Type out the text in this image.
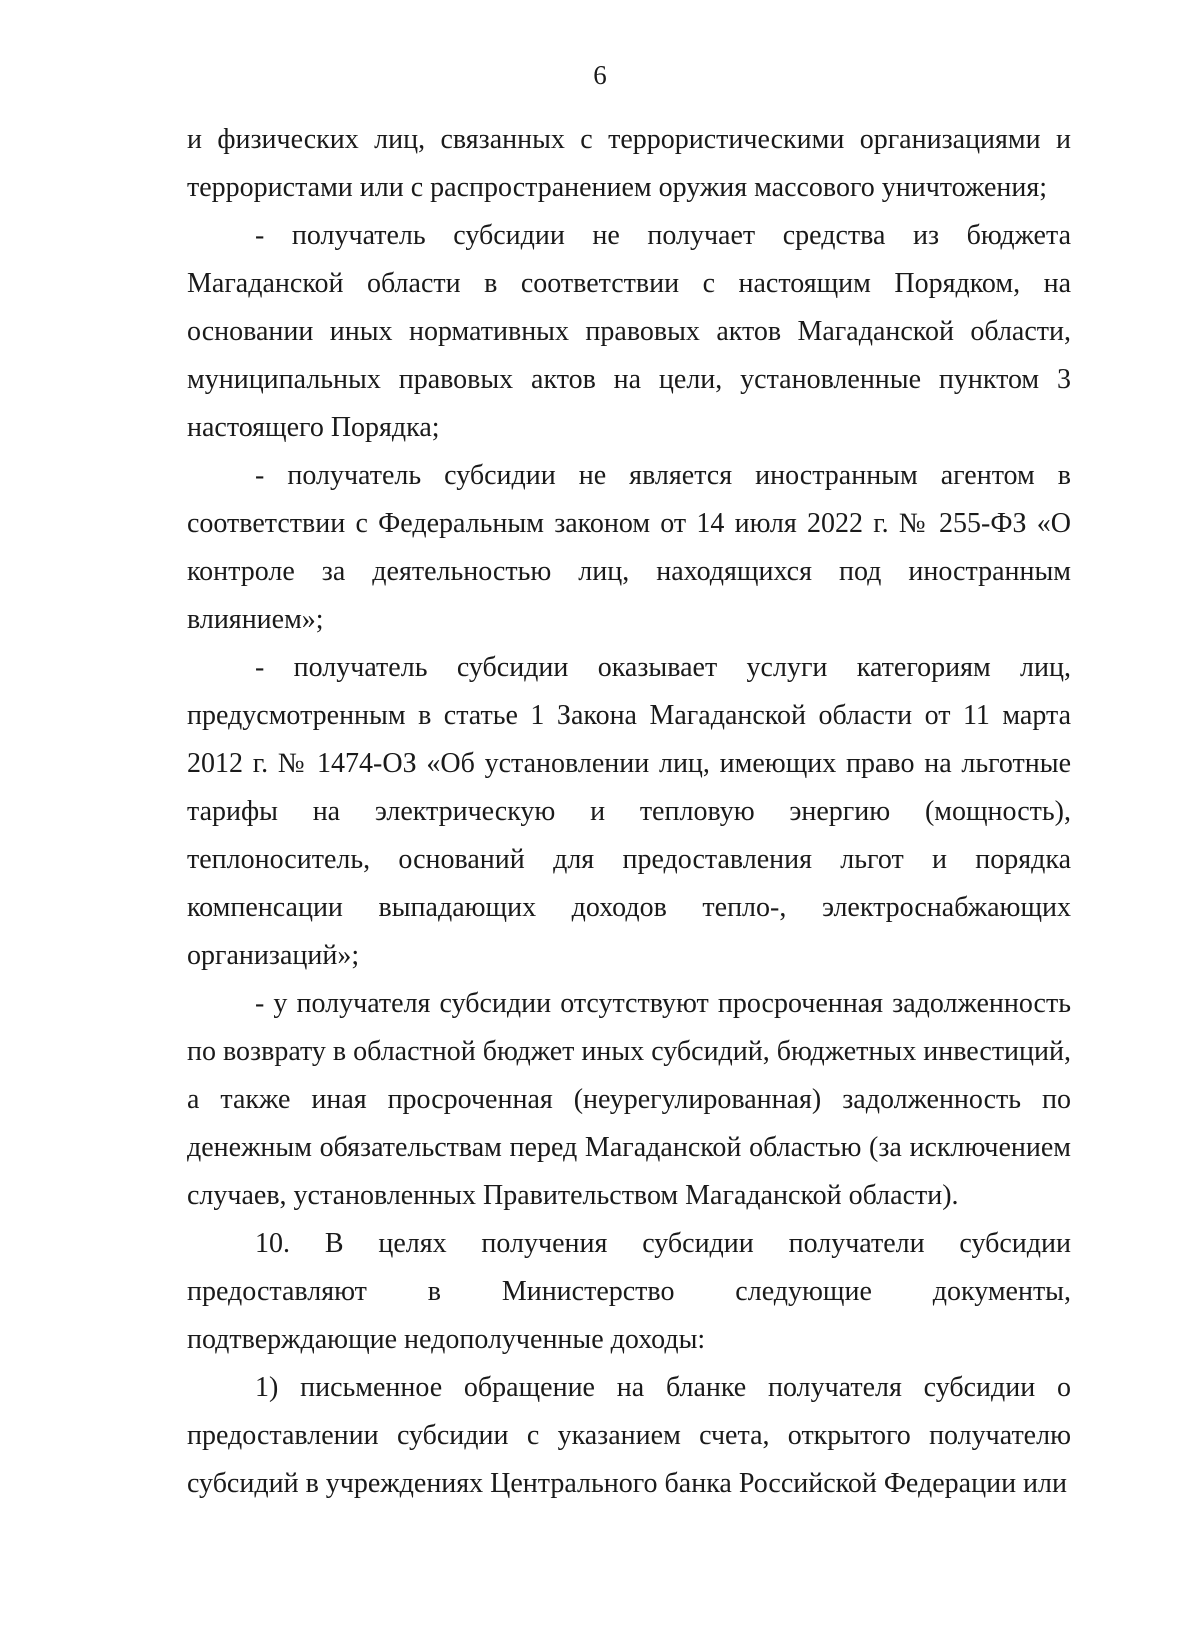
6

и физических лиц, связанных с террористическими организациями и террористами или с распространением оружия массового уничтожения;

- получатель субсидии не получает средства из бюджета Магаданской области в соответствии с настоящим Порядком, на основании иных нормативных правовых актов Магаданской области, муниципальных правовых актов на цели, установленные пунктом 3 настоящего Порядка;

- получатель субсидии не является иностранным агентом в соответствии с Федеральным законом от 14 июля 2022 г. № 255-ФЗ «О контроле за деятельностью лиц, находящихся под иностранным влиянием»;

- получатель субсидии оказывает услуги категориям лиц, предусмотренным в статье 1 Закона Магаданской области от 11 марта 2012 г. № 1474-ОЗ «Об установлении лиц, имеющих право на льготные тарифы на электрическую и тепловую энергию (мощность), теплоноситель, оснований для предоставления льгот и порядка компенсации выпадающих доходов тепло-, электроснабжающих организаций»;

- у получателя субсидии отсутствуют просроченная задолженность по возврату в областной бюджет иных субсидий, бюджетных инвестиций, а также иная просроченная (неурегулированная) задолженность по денежным обязательствам перед Магаданской областью (за исключением случаев, установленных Правительством Магаданской области).

10. В целях получения субсидии получатели субсидии предоставляют в Министерство следующие документы, подтверждающие недополученные доходы:

1) письменное обращение на бланке получателя субсидии о предоставлении субсидии с указанием счета, открытого получателю субсидий в учреждениях Центрального банка Российской Федерации или
